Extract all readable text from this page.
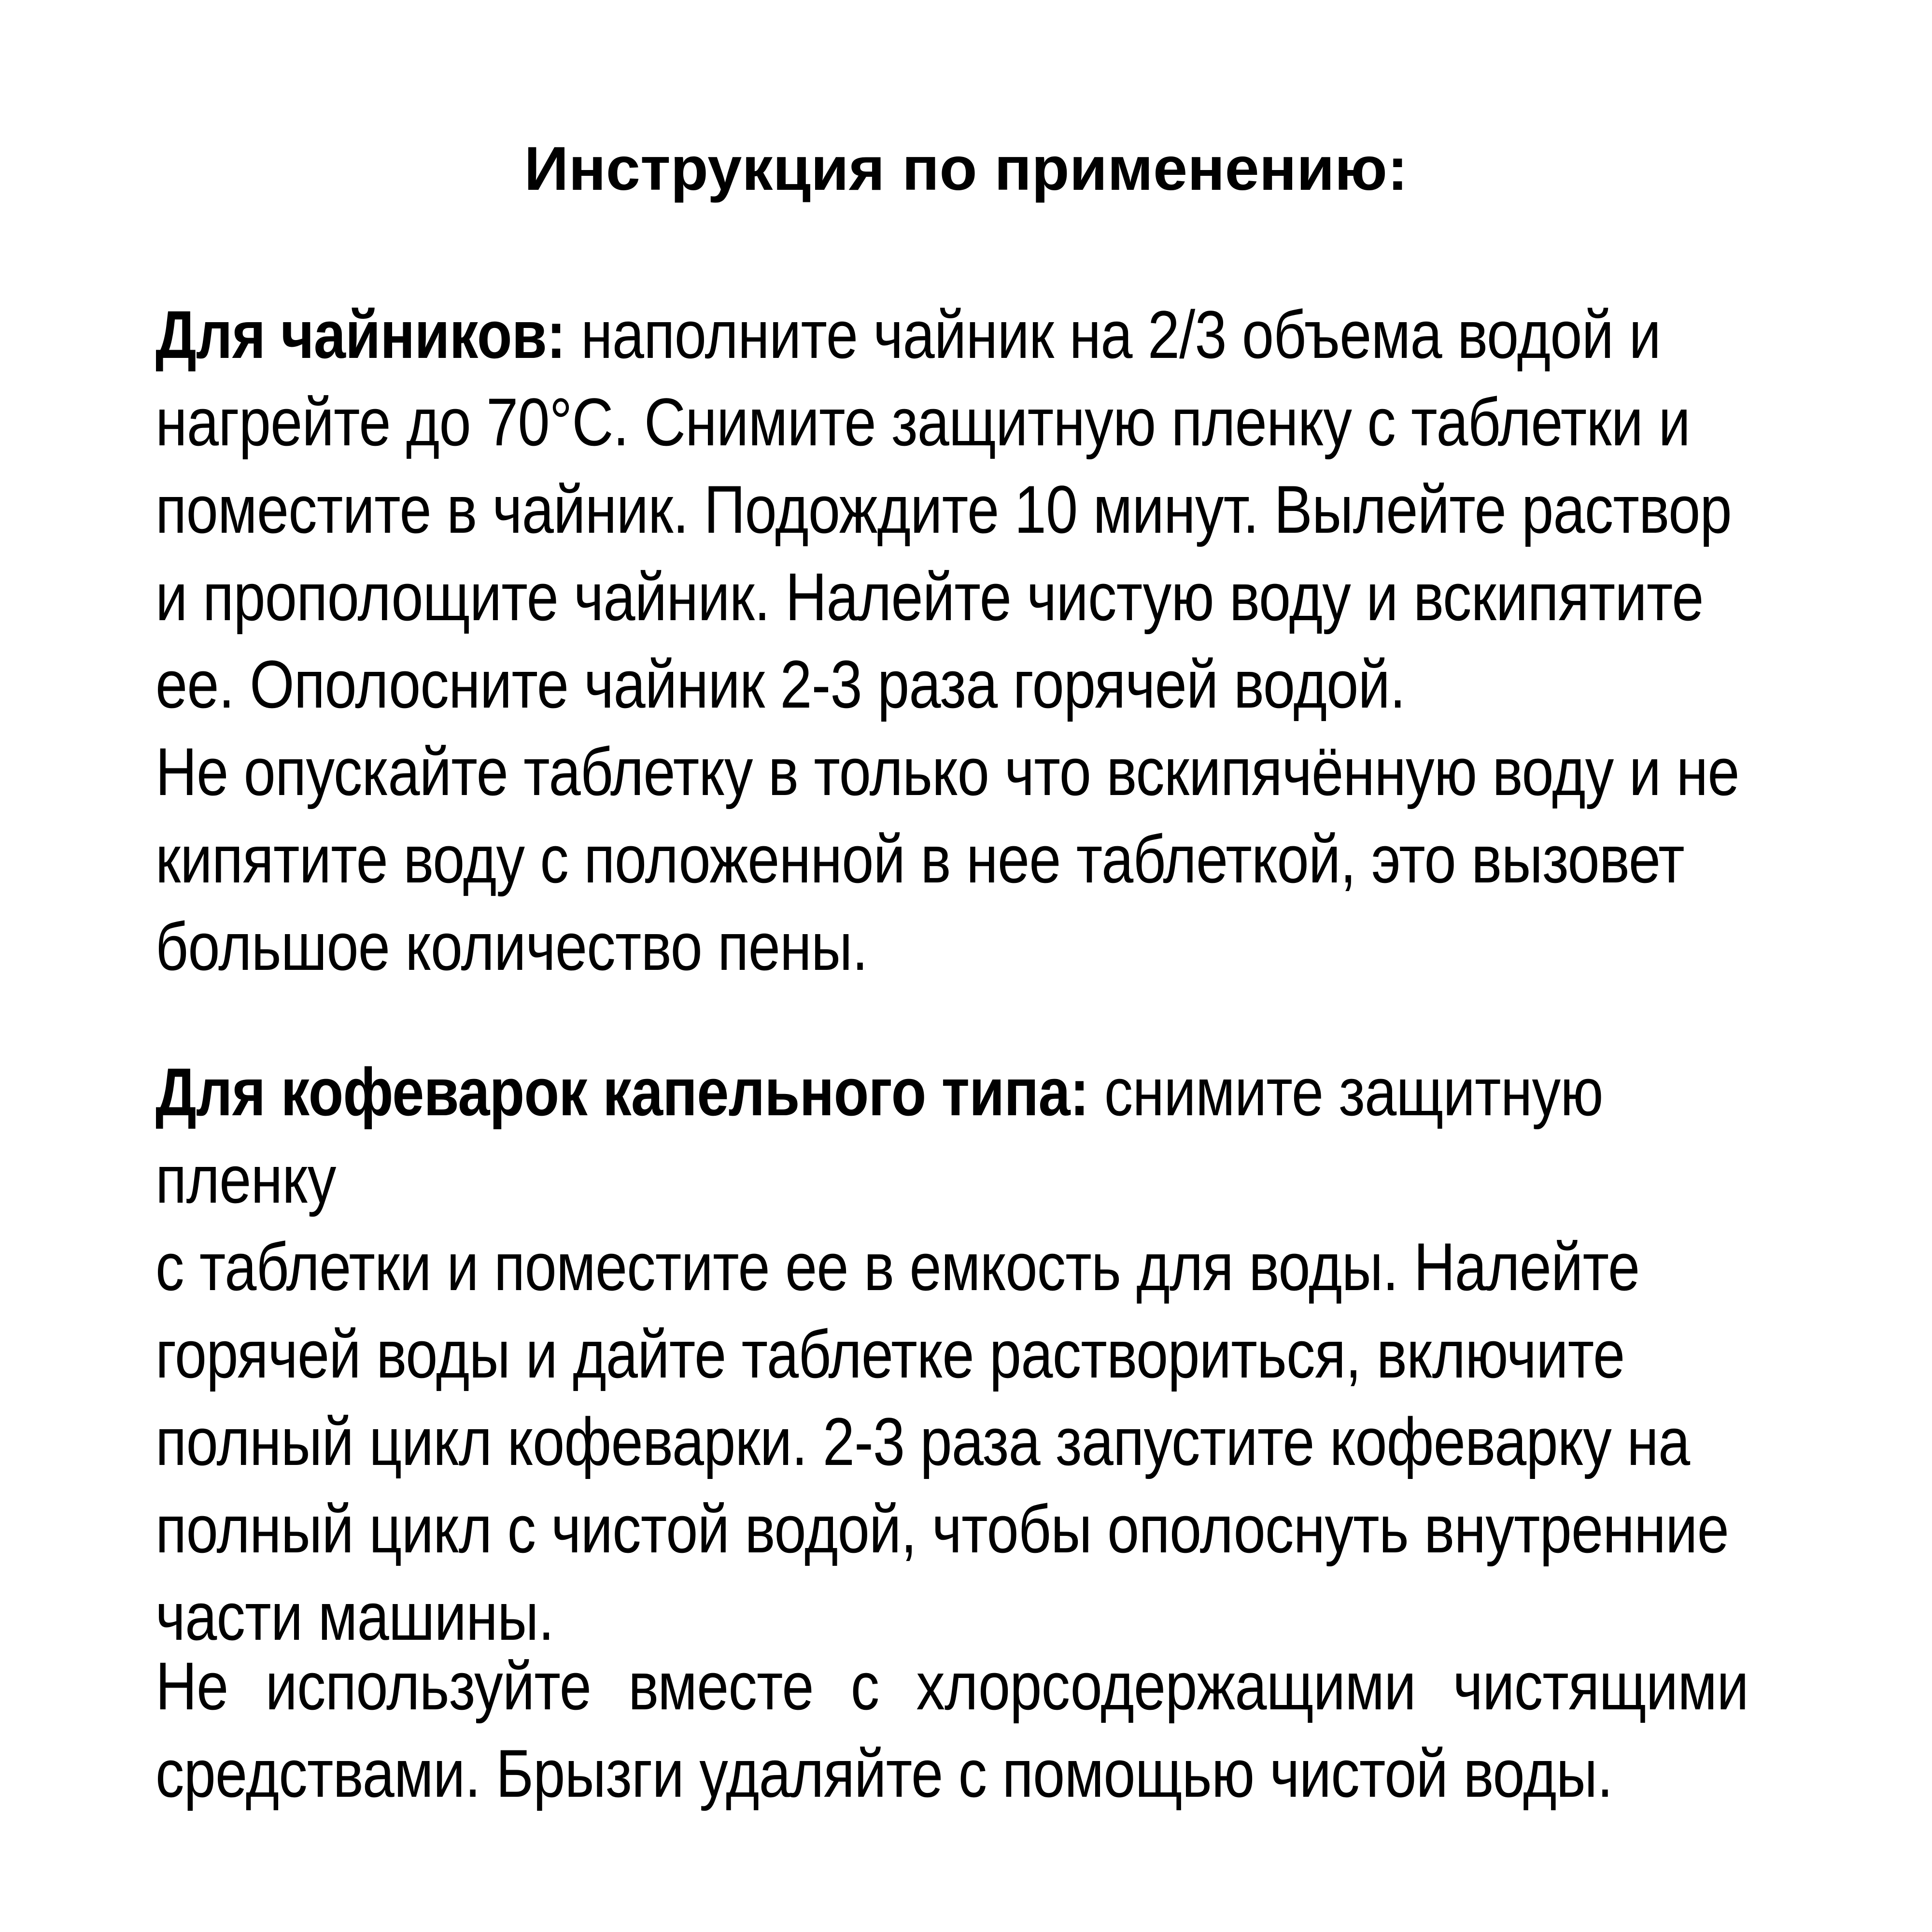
Инструкция по применению:

Для чайников: наполните чайник на 2/3 объема водой и
нагрейте до 70°С. Снимите защитную пленку с таблетки и
поместите в чайник. Подождите 10 минут. Вылейте раствор
и прополощите чайник. Налейте чистую воду и вскипятите
ее. Ополосните чайник 2-3 раза горячей водой.
Не опускайте таблетку в только что вскипячённую воду и не
кипятите воду с положенной в нее таблеткой, это вызовет
большое количество пены.

Для кофеварок капельного типа: снимите защитную пленку
с таблетки и поместите ее в емкость для воды. Налейте
горячей воды и дайте таблетке раствориться, включите
полный цикл кофеварки. 2-3 раза запустите кофеварку на
полный цикл с чистой водой, чтобы ополоснуть внутренние
части машины.

Не используйте вместе с хлорсодержащими чистящими
средствами. Брызги удаляйте с помощью чистой воды.
